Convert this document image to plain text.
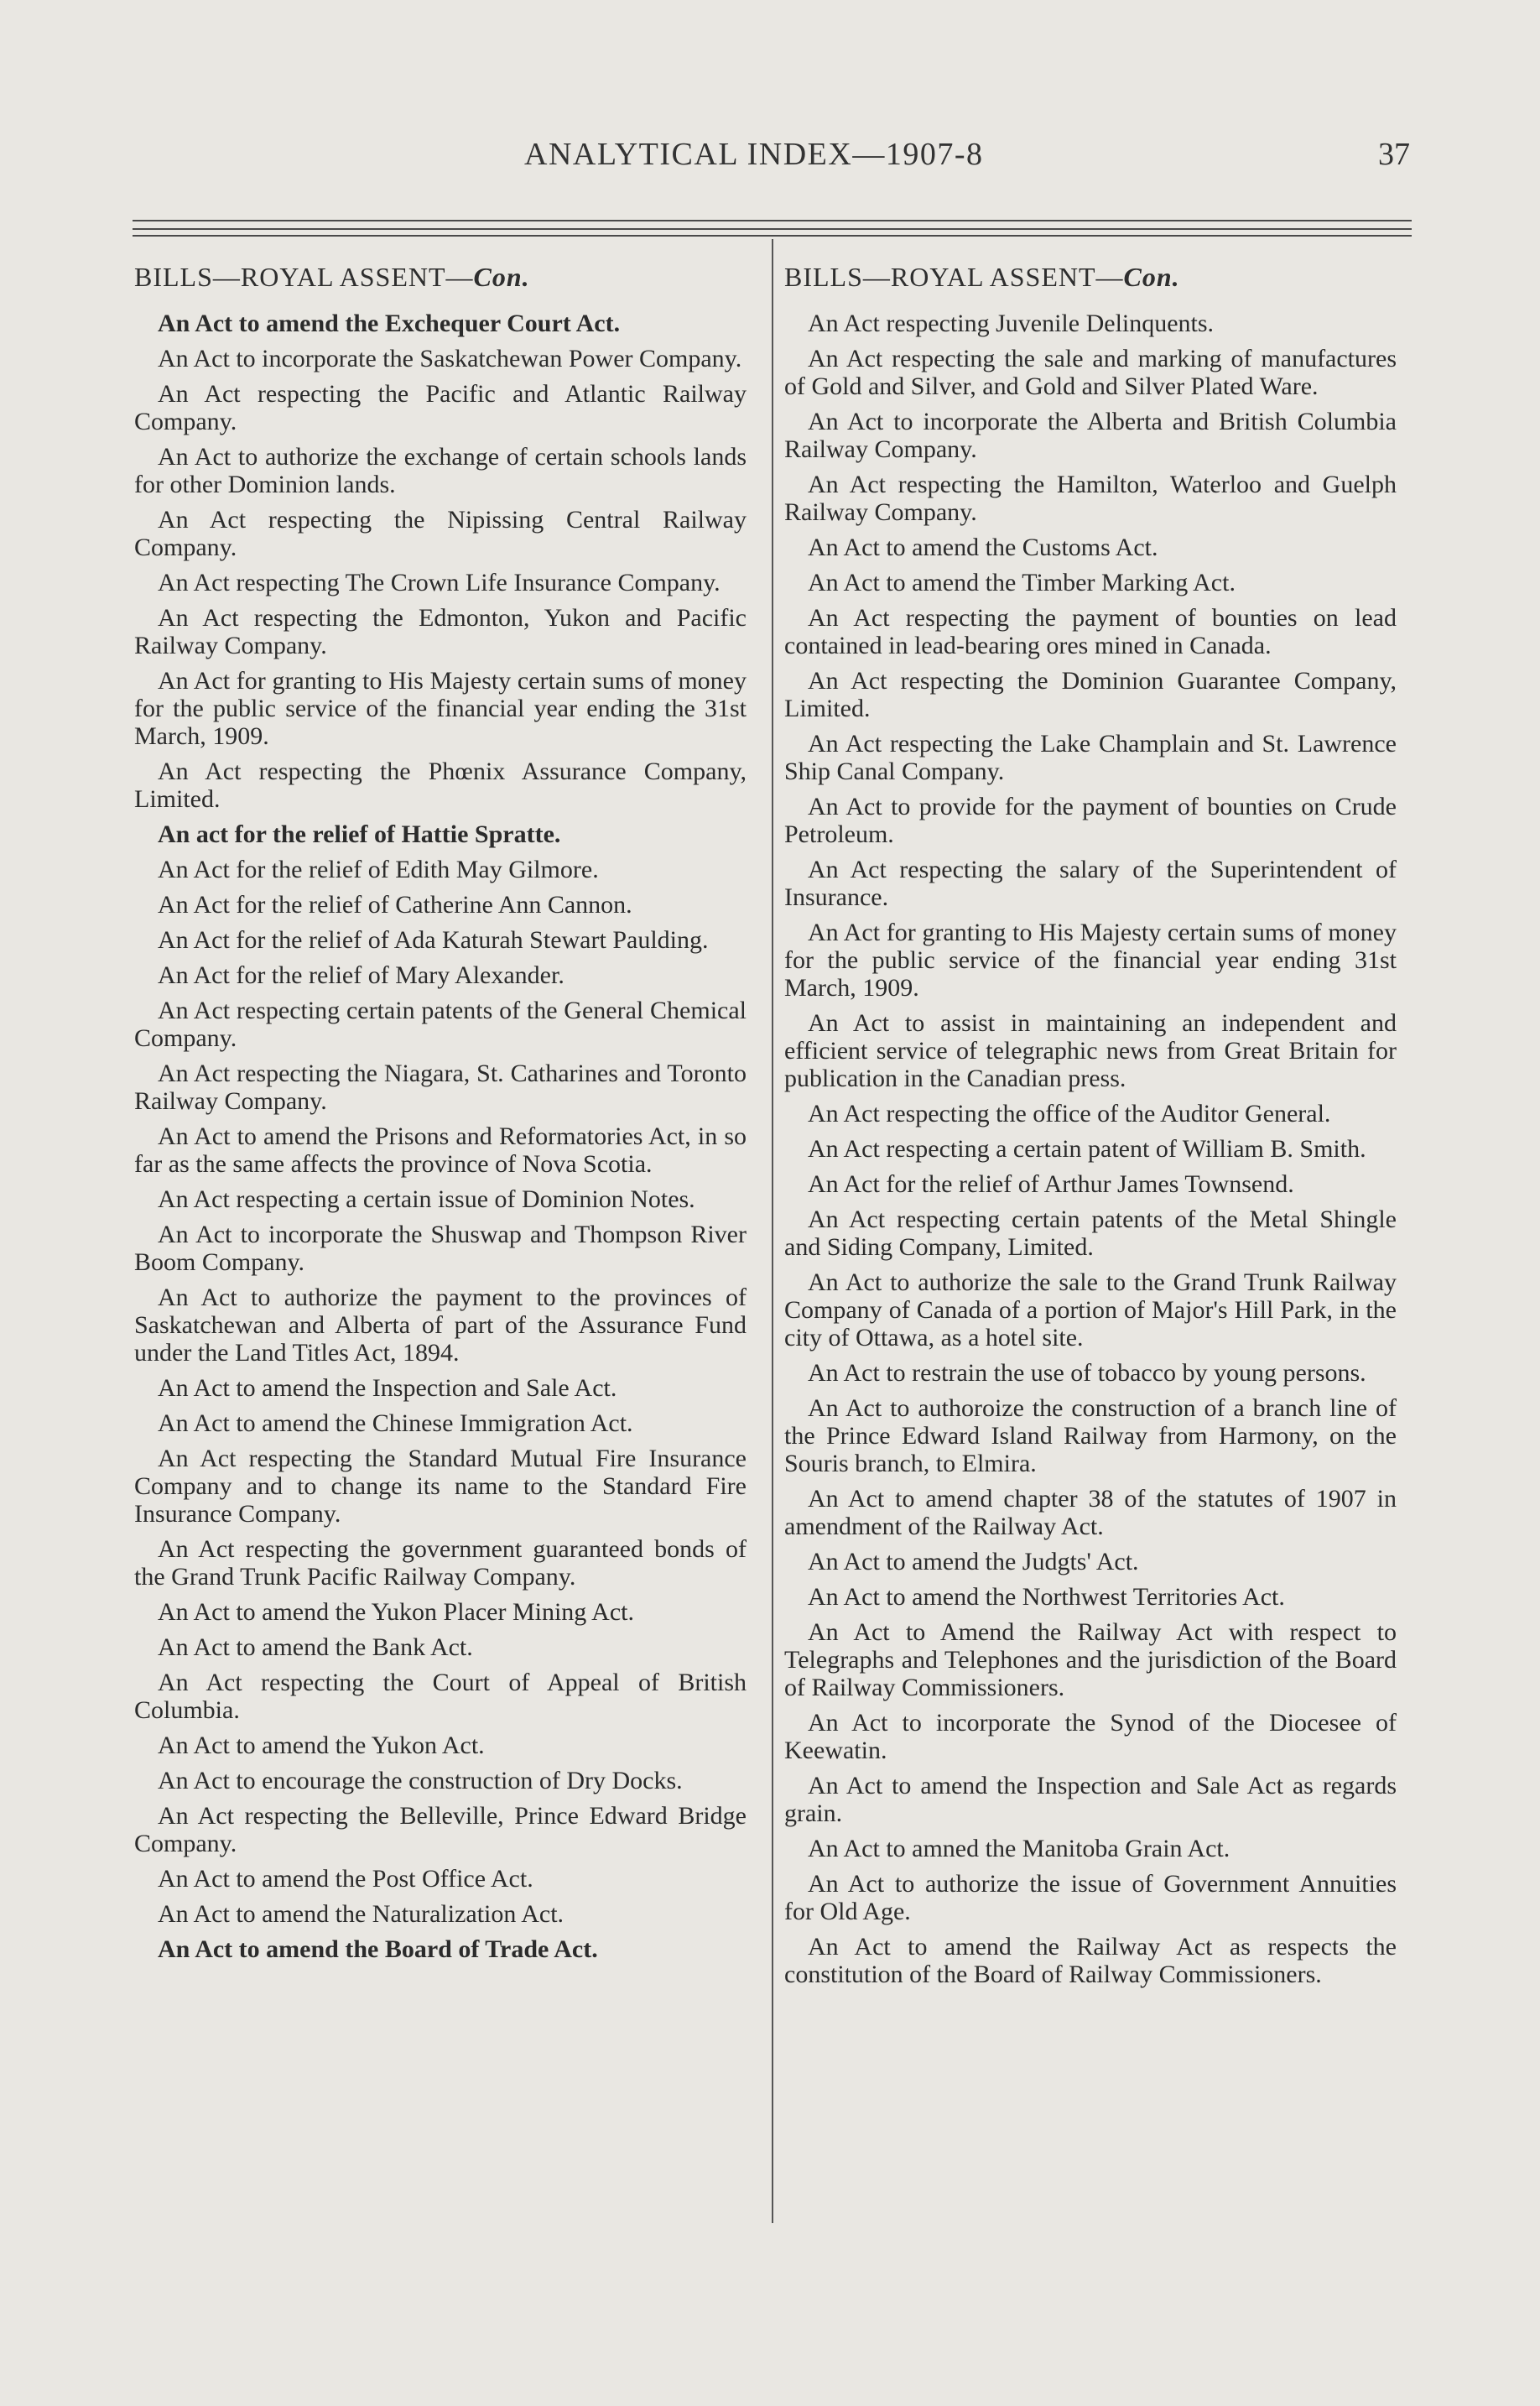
ANALYTICAL INDEX—1907-8	37
BILLS—ROYAL ASSENT—Con.

An Act to amend the Exchequer Court Act.

An Act to incorporate the Saskatchewan Power Company.

An Act respecting the Pacific and Atlantic Railway Company.

An Act to authorize the exchange of certain schools lands for other Dominion lands.

An Act respecting the Nipissing Central Railway Company.

An Act respecting The Crown Life Insurance Company.

An Act respecting the Edmonton, Yukon and Pacific Railway Company.

An Act for granting to His Majesty certain sums of money for the public service of the financial year ending the 31st March, 1909.

An Act respecting the Phœnix Assurance Company, Limited.

An act for the relief of Hattie Spratte.

An Act for the relief of Edith May Gilmore.

An Act for the relief of Catherine Ann Cannon.

An Act for the relief of Ada Katurah Stewart Paulding.

An Act for the relief of Mary Alexander.

An Act respecting certain patents of the General Chemical Company.

An Act respecting the Niagara, St. Catharines and Toronto Railway Company.

An Act to amend the Prisons and Reformatories Act, in so far as the same affects the province of Nova Scotia.

An Act respecting a certain issue of Dominion Notes.

An Act to incorporate the Shuswap and Thompson River Boom Company.

An Act to authorize the payment to the provinces of Saskatchewan and Alberta of part of the Assurance Fund under the Land Titles Act, 1894.

An Act to amend the Inspection and Sale Act.

An Act to amend the Chinese Immigration Act.

An Act respecting the Standard Mutual Fire Insurance Company and to change its name to the Standard Fire Insurance Company.

An Act respecting the government guaranteed bonds of the Grand Trunk Pacific Railway Company.

An Act to amend the Yukon Placer Mining Act.

An Act to amend the Bank Act.

An Act respecting the Court of Appeal of British Columbia.

An Act to amend the Yukon Act.

An Act to encourage the construction of Dry Docks.

An Act respecting the Belleville, Prince Edward Bridge Company.

An Act to amend the Post Office Act.

An Act to amend the Naturalization Act.

An Act to amend the Board of Trade Act.

BILLS—ROYAL ASSENT—Con.

An Act respecting Juvenile Delinquents.

An Act respecting the sale and marking of manufactures of Gold and Silver, and Gold and Silver Plated Ware.

An Act to incorporate the Alberta and British Columbia Railway Company.

An Act respecting the Hamilton, Waterloo and Guelph Railway Company.

An Act to amend the Customs Act.

An Act to amend the Timber Marking Act.

An Act respecting the payment of bounties on lead contained in lead-bearing ores mined in Canada.

An Act respecting the Dominion Guarantee Company, Limited.

An Act respecting the Lake Champlain and St. Lawrence Ship Canal Company.

An Act to provide for the payment of bounties on Crude Petroleum.

An Act respecting the salary of the Superintendent of Insurance.

An Act for granting to His Majesty certain sums of money for the public service of the financial year ending 31st March, 1909.

An Act to assist in maintaining an independent and efficient service of telegraphic news from Great Britain for publication in the Canadian press.

An Act respecting the office of the Auditor General.

An Act respecting a certain patent of William B. Smith.

An Act for the relief of Arthur James Townsend.

An Act respecting certain patents of the Metal Shingle and Siding Company, Limited.

An Act to authorize the sale to the Grand Trunk Railway Company of Canada of a portion of Major's Hill Park, in the city of Ottawa, as a hotel site.

An Act to restrain the use of tobacco by young persons.

An Act to authoroize the construction of a branch line of the Prince Edward Island Railway from Harmony, on the Souris branch, to Elmira.

An Act to amend chapter 38 of the statutes of 1907 in amendment of the Railway Act.

An Act to amend the Judgts' Act.

An Act to amend the Northwest Territories Act.

An Act to Amend the Railway Act with respect to Telegraphs and Telephones and the jurisdiction of the Board of Railway Commissioners.

An Act to incorporate the Synod of the Diocesee of Keewatin.

An Act to amend the Inspection and Sale Act as regards grain.

An Act to amned the Manitoba Grain Act.

An Act to authorize the issue of Government Annuities for Old Age.

An Act to amend the Railway Act as respects the constitution of the Board of Railway Commissioners.
